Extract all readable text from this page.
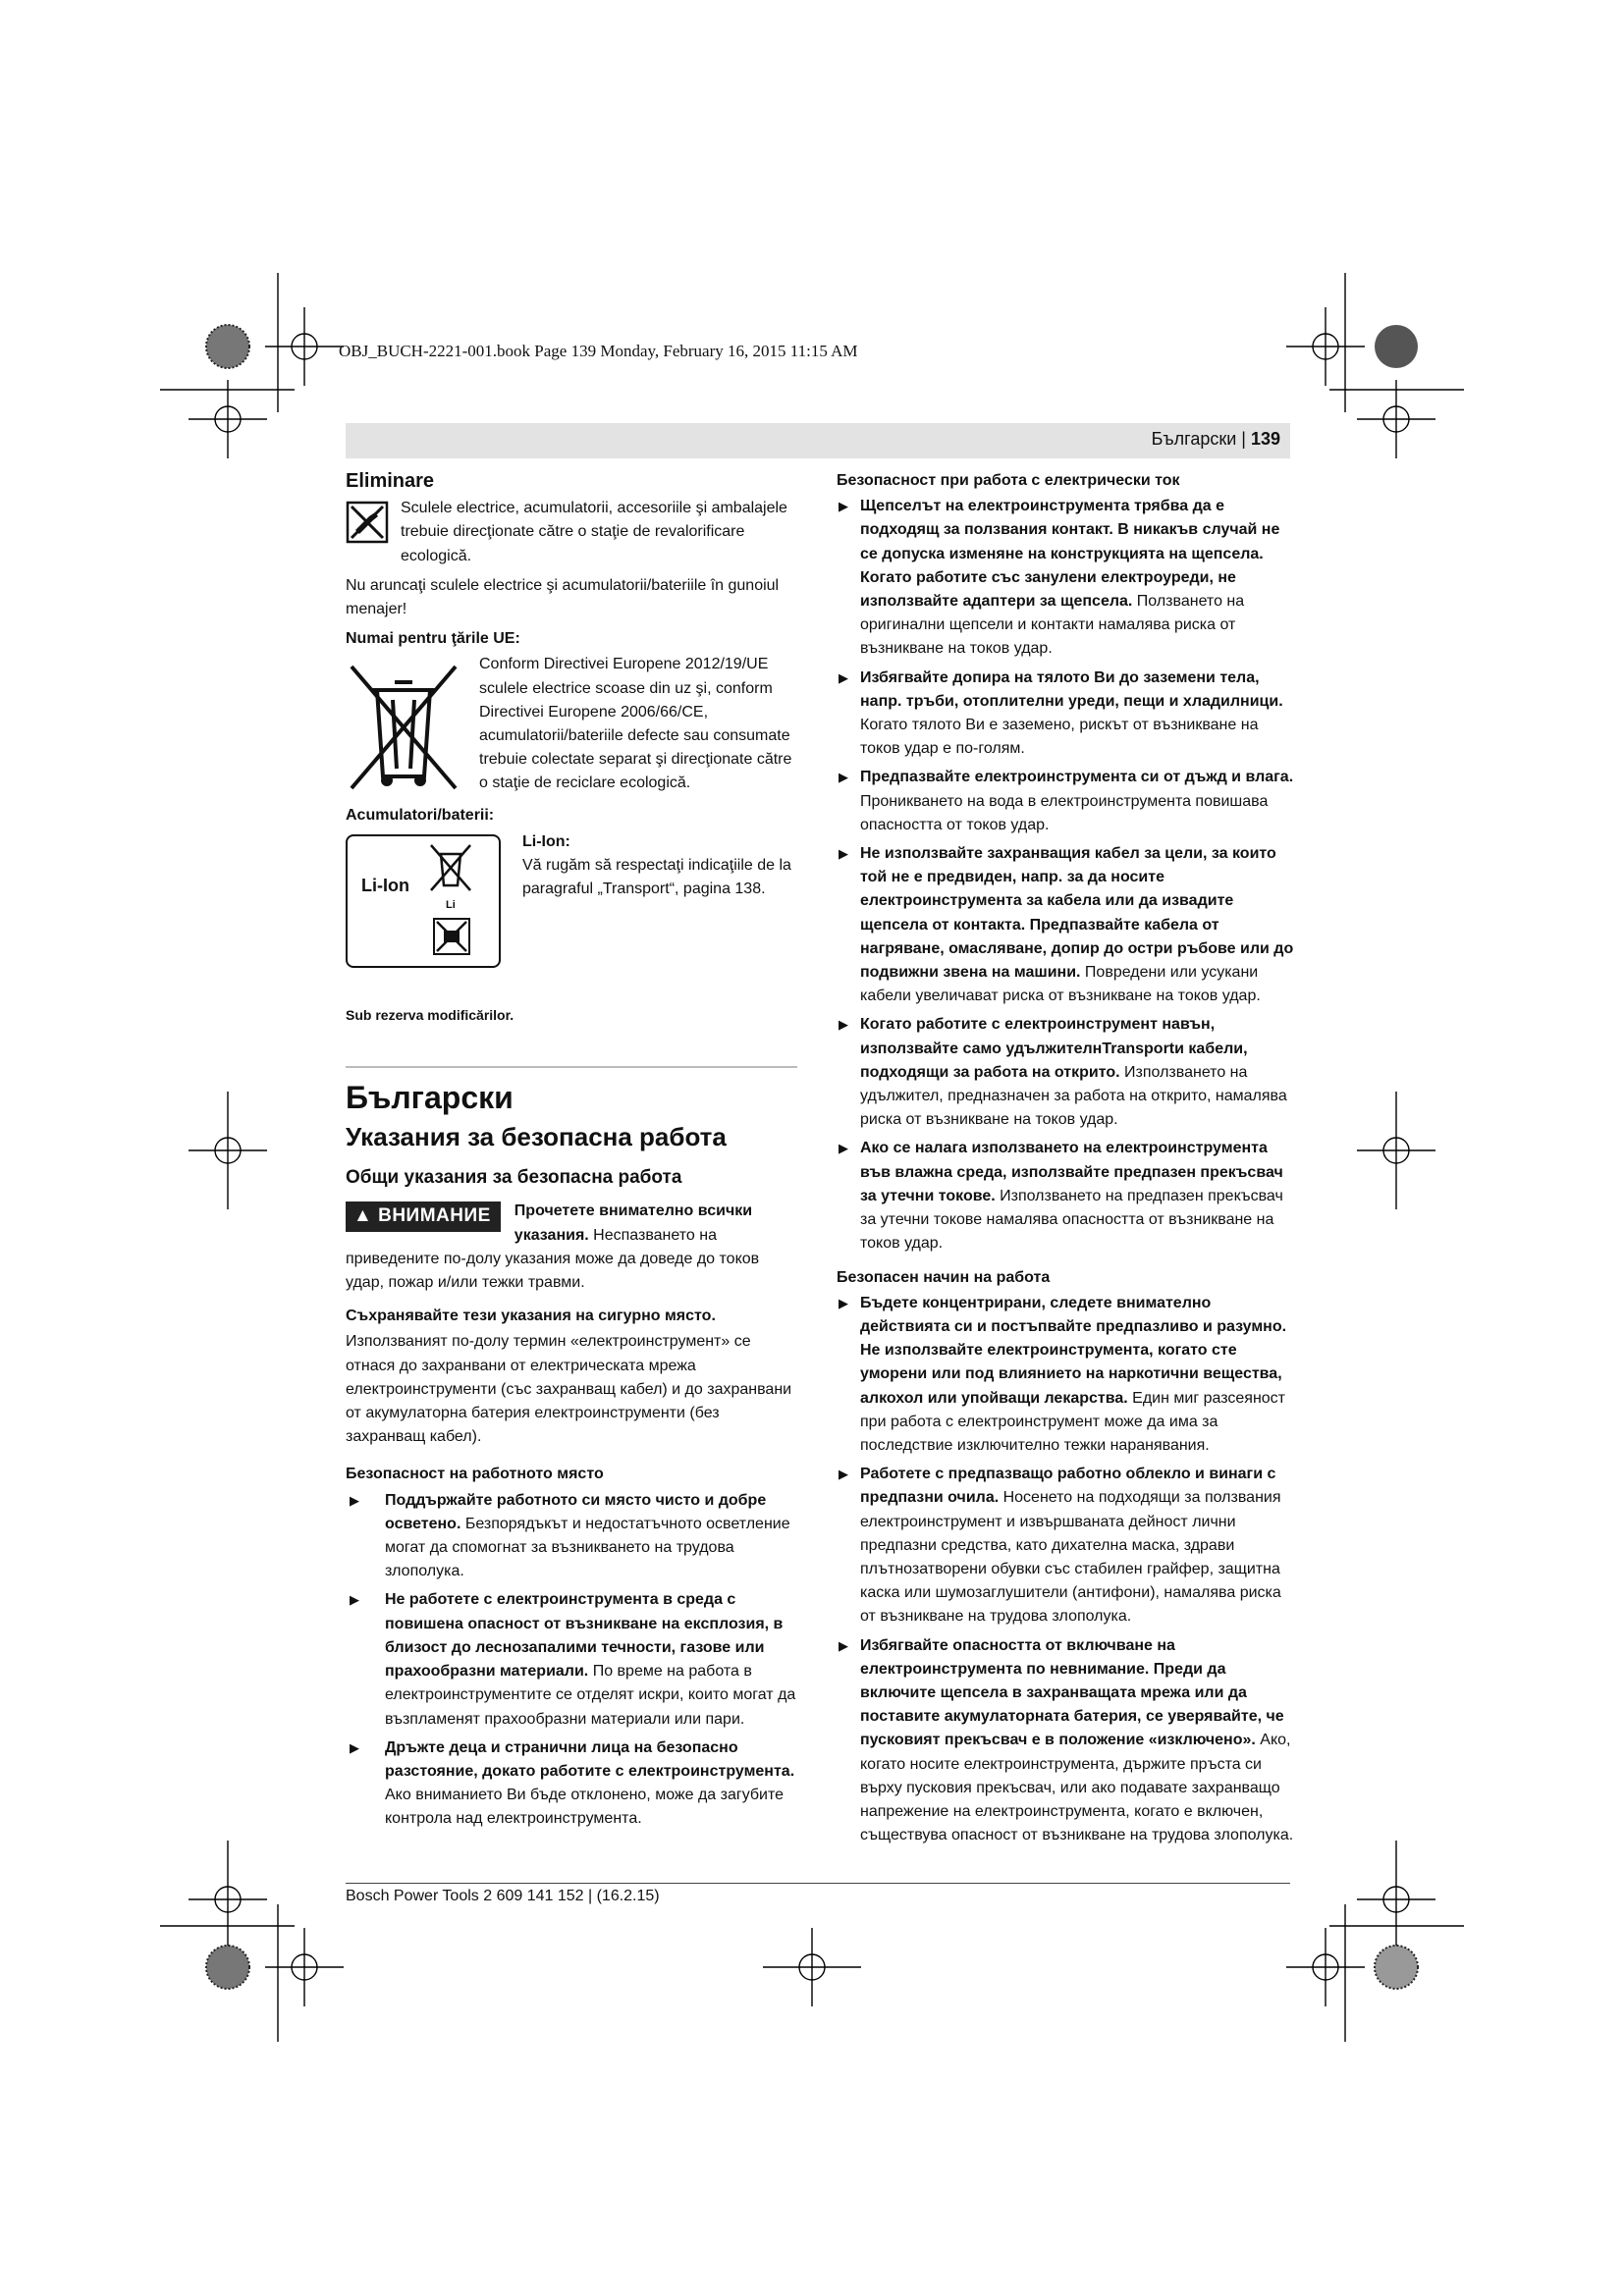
OBJ_BUCH-2221-001.book Page 139 Monday, February 16, 2015 11:15 AM
Български | 139
Eliminare
Sculele electrice, acumulatorii, accesoriile şi ambalajele trebuie direcţionate către o staţie de revalorificare ecologică.

Nu aruncaţi sculele electrice şi acumulatorii/bateriile în gunoiul menajer!

Numai pentru ţările UE:
Conform Directivei Europene 2012/19/UE sculele electrice scoase din uz şi, conform Directivei Europene 2006/66/CE, acumulatorii/bateriile defecte sau consumate trebuie colectate separat şi direcţionate către o staţie de reciclare ecologică.
Acumulatori/baterii:
Li-Ion
Li
Li-Ion:
Vă rugăm să respectaţi indicaţiile de la paragraful „Transport“, pagina 138.
Sub rezerva modificărilor.
Български
Указания за безопасна работа
Общи указания за безопасна работа

▲ ВНИМАНИЕ	Прочетете внимателно всички указания. Неспазването на приведените по-долу указания може да доведе до токов удар, пожар и/или тежки травми.

Съхранявайте тези указания на сигурно място.

Използваният по-долу термин «електроинструмент» се отнася до захранвани от електрическата мрежа електроинструменти (със захранващ кабел) и до захранвани от акумулаторна батерия електроинструменти (без захранващ кабел).

Безопасност на работното място
▶ Поддържайте работното си място чисто и добре осветено. Безпорядъкът и недостатъчното осветление могат да спомогнат за възникването на трудова злополука.
▶ Не работете с електроинструмента в среда с повишена опасност от възникване на експлозия, в близост до леснозапалими течности, газове или прахообразни материали. По време на работа в електроинструментите се отделят искри, които могат да възпламенят прахообразни материали или пари.
▶ Дръжте деца и странични лица на безопасно разстояние, докато работите с електроинструмента. Ако вниманието Ви бъде отклонено, може да загубите контрола над електроинструмента.
Безопасност при работа с електрически ток
▶ Щепселът на електроинструмента трябва да е подходящ за ползвания контакт. В никакъв случай не се допуска изменяне на конструкцията на щепсела. Когато работите със занулени електроуреди, не използвайте адаптери за щепсела. Ползването на оригинални щепсели и контакти намалява риска от възникване на токов удар.
▶ Избягвайте допира на тялото Ви до заземени тела, напр. тръби, отоплителни уреди, пещи и хладилници. Когато тялото Ви е заземено, рискът от възникване на токов удар е по-голям.
▶ Предпазвайте електроинструмента си от дъжд и влага. Проникването на вода в електроинструмента повишава опасността от токов удар.
▶ Не използвайте захранващия кабел за цели, за които той не е предвиден, напр. за да носите електроинструмента за кабела или да извадите щепсела от контакта. Предпазвайте кабела от нагряване, омасляване, допир до остри ръбове или до подвижни звена на машини. Повредени или усукани кабели увеличават риска от възникване на токов удар.
▶ Когато работите с електроинструмент навън, използвайте само удължителнTransportи кабели, подходящи за работа на открито. Използването на удължител, предназначен за работа на открито, намалява риска от възникване на токов удар.
▶ Ако се налага използването на електроинструмента във влажна среда, използвайте предпазен прекъсвач за утечни токове. Използването на предпазен прекъсвач за утечни токове намалява опасността от възникване на токов удар.
Безопасен начин на работа
▶ Бъдете концентрирани, следете внимателно действията си и постъпвайте предпазливо и разумно. Не използвайте електроинструмента, когато сте уморени или под влиянието на наркотични вещества, алкохол или упойващи лекарства. Един миг разсеяност при работа с електроинструмент може да има за последствие изключително тежки наранявания.
▶ Работете с предпазващо работно облекло и винаги с предпазни очила. Носенето на подходящи за ползвания електроинструмент и извършваната дейност лични предпазни средства, като дихателна маска, здрави плътнозатворени обувки със стабилен грайфер, защитна каска или шумозаглушители (антифони), намалява риска от възникване на трудова злополука.
▶ Избягвайте опасността от включване на електроинструмента по невнимание. Преди да включите щепсела в захранващата мрежа или да поставите акумулаторната батерия, се уверявайте, че пусковият прекъсвач е в положение «изключено». Ако, когато носите електроинструмента, държите пръста си върху пусковия прекъсвач, или ако подавате захранващо напрежение на електроинструмента, когато е включен, съществува опасност от възникване на трудова злополука.
Bosch Power Tools 2 609 141 152 | (16.2.15)
